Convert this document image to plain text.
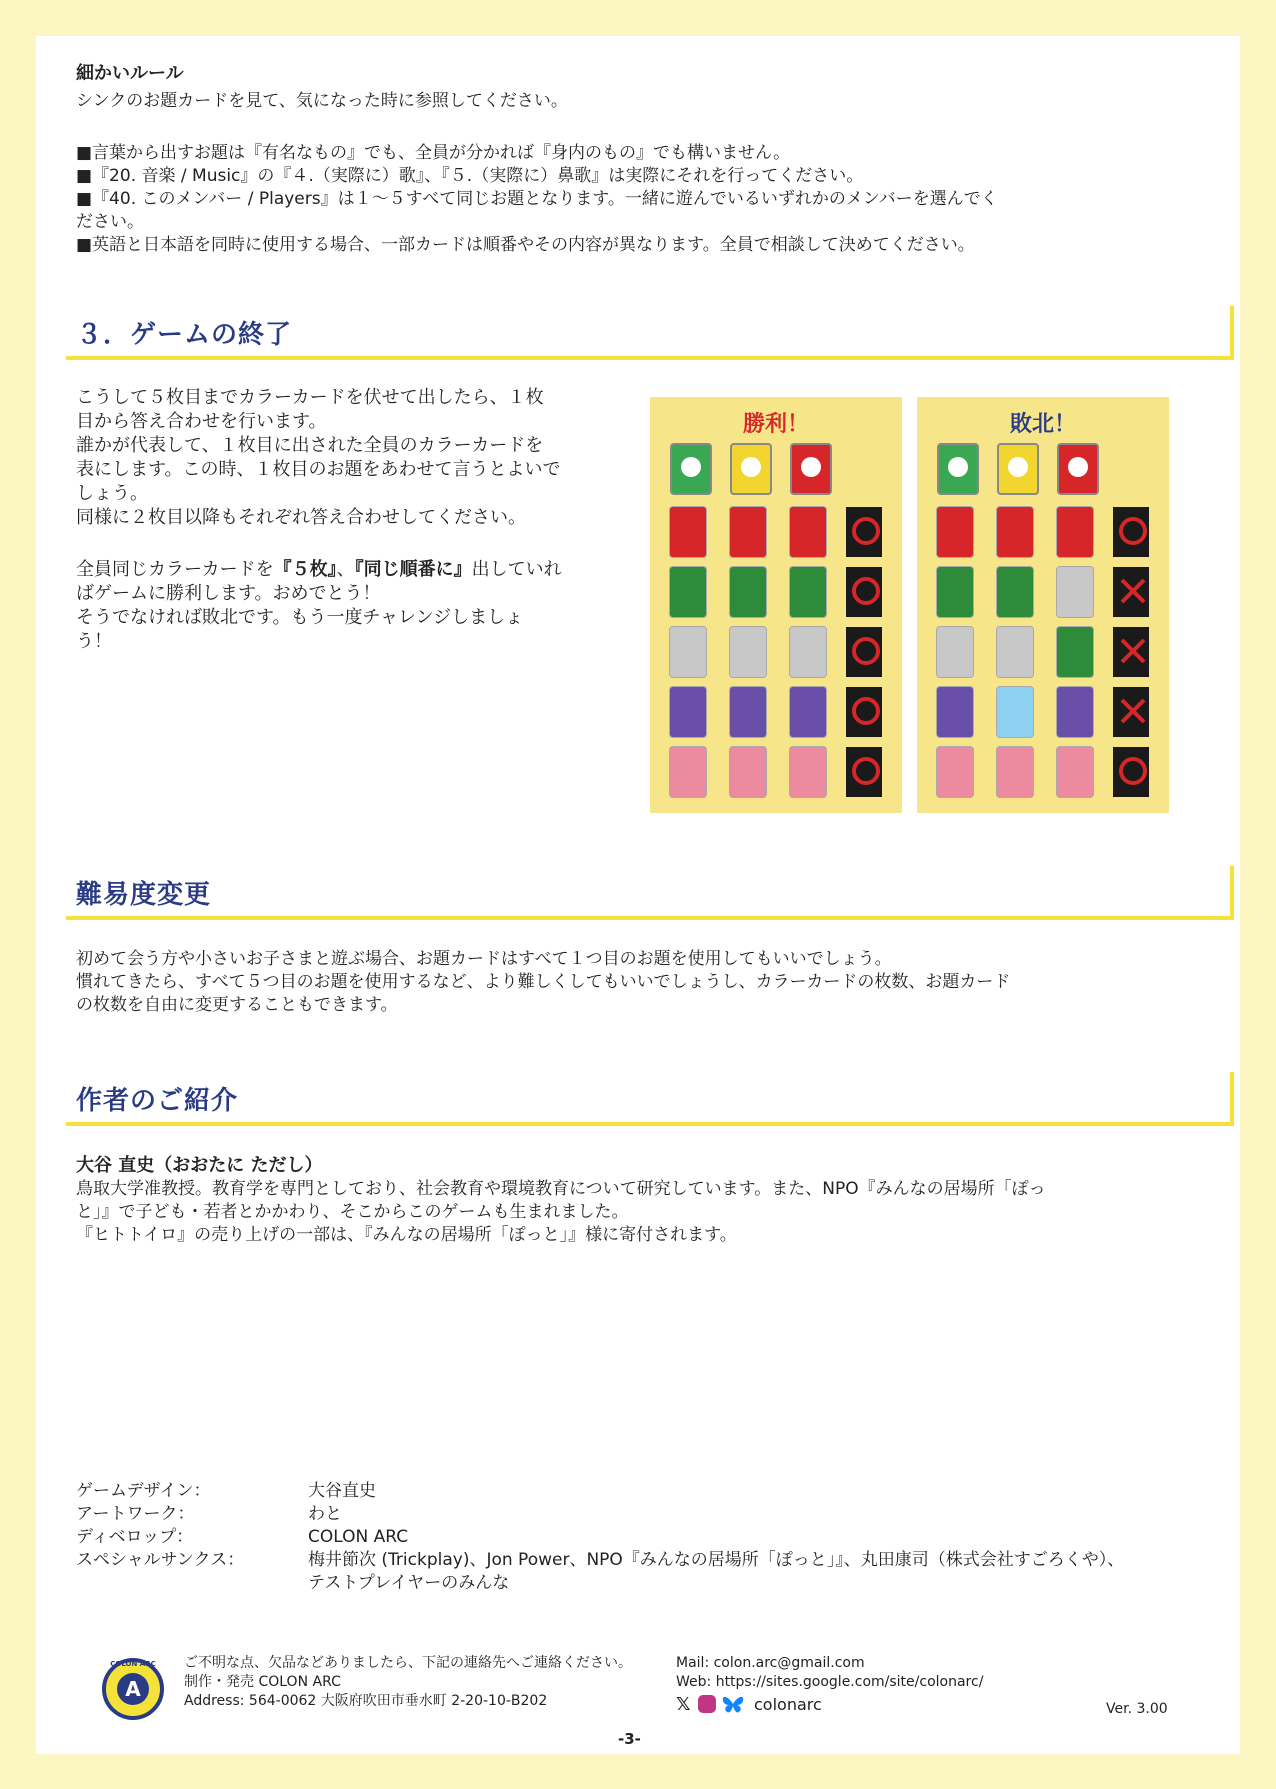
細かいルール
シンクのお題カードを見て、気になった時に参照してください。
■言葉から出すお題は『有名なもの』でも、全員が分かれば『身内のもの』でも構いません。
■『20. 音楽 / Music』の『４.（実際に）歌』、『５.（実際に）鼻歌』は実際にそれを行ってください。
■『40. このメンバー / Players』は１～５すべて同じお題となります。一緒に遊んでいるいずれかのメンバーを選んでく
ださい。
■英語と日本語を同時に使用する場合、一部カードは順番やその内容が異なります。全員で相談して決めてください。
３．ゲームの終了
こうして５枚目までカラーカードを伏せて出したら、１枚
目から答え合わせを行います。
誰かが代表して、１枚目に出された全員のカラーカードを
表にします。この時、１枚目のお題をあわせて言うとよいで
しょう。
同様に２枚目以降もそれぞれ答え合わせしてください。
全員同じカラーカードを『５枚』、『同じ順番に』出していれ
ばゲームに勝利します。おめでとう！
そうでなければ敗北です。もう一度チャレンジしましょ
う！
勝利！	敗北！
難易度変更
初めて会う方や小さいお子さまと遊ぶ場合、お題カードはすべて１つ目のお題を使用してもいいでしょう。
慣れてきたら、すべて５つ目のお題を使用するなど、より難しくしてもいいでしょうし、カラーカードの枚数、お題カード
の枚数を自由に変更することもできます。
作者のご紹介
大谷 直史（おおたに ただし）
鳥取大学准教授。教育学を専門としており、社会教育や環境教育について研究しています。また、NPO『みんなの居場所「ぽっ
と」』で子ども・若者とかかわり、そこからこのゲームも生まれました。
『ヒトトイロ』の売り上げの一部は、『みんなの居場所「ぽっと」』様に寄付されます。
ゲームデザイン：	大谷直史
アートワーク：	わと
ディベロップ：	COLON ARC
スペシャルサンクス：	梅井節次 (Trickplay)、Jon Power、NPO『みんなの居場所「ぽっと」』、丸田康司（株式会社すごろくや）、
テストプレイヤーのみんな
A
COLON ARC	ご不明な点、欠品などありましたら、下記の連絡先へご連絡ください。
制作・発売 COLON ARC
Address: 564-0062 大阪府吹田市垂水町 2-20-10-B202
Mail: colon.arc@gmail.com
Web: https://sites.google.com/site/colonarc/
𝕏	colonarc	Ver. 3.00
-3-
